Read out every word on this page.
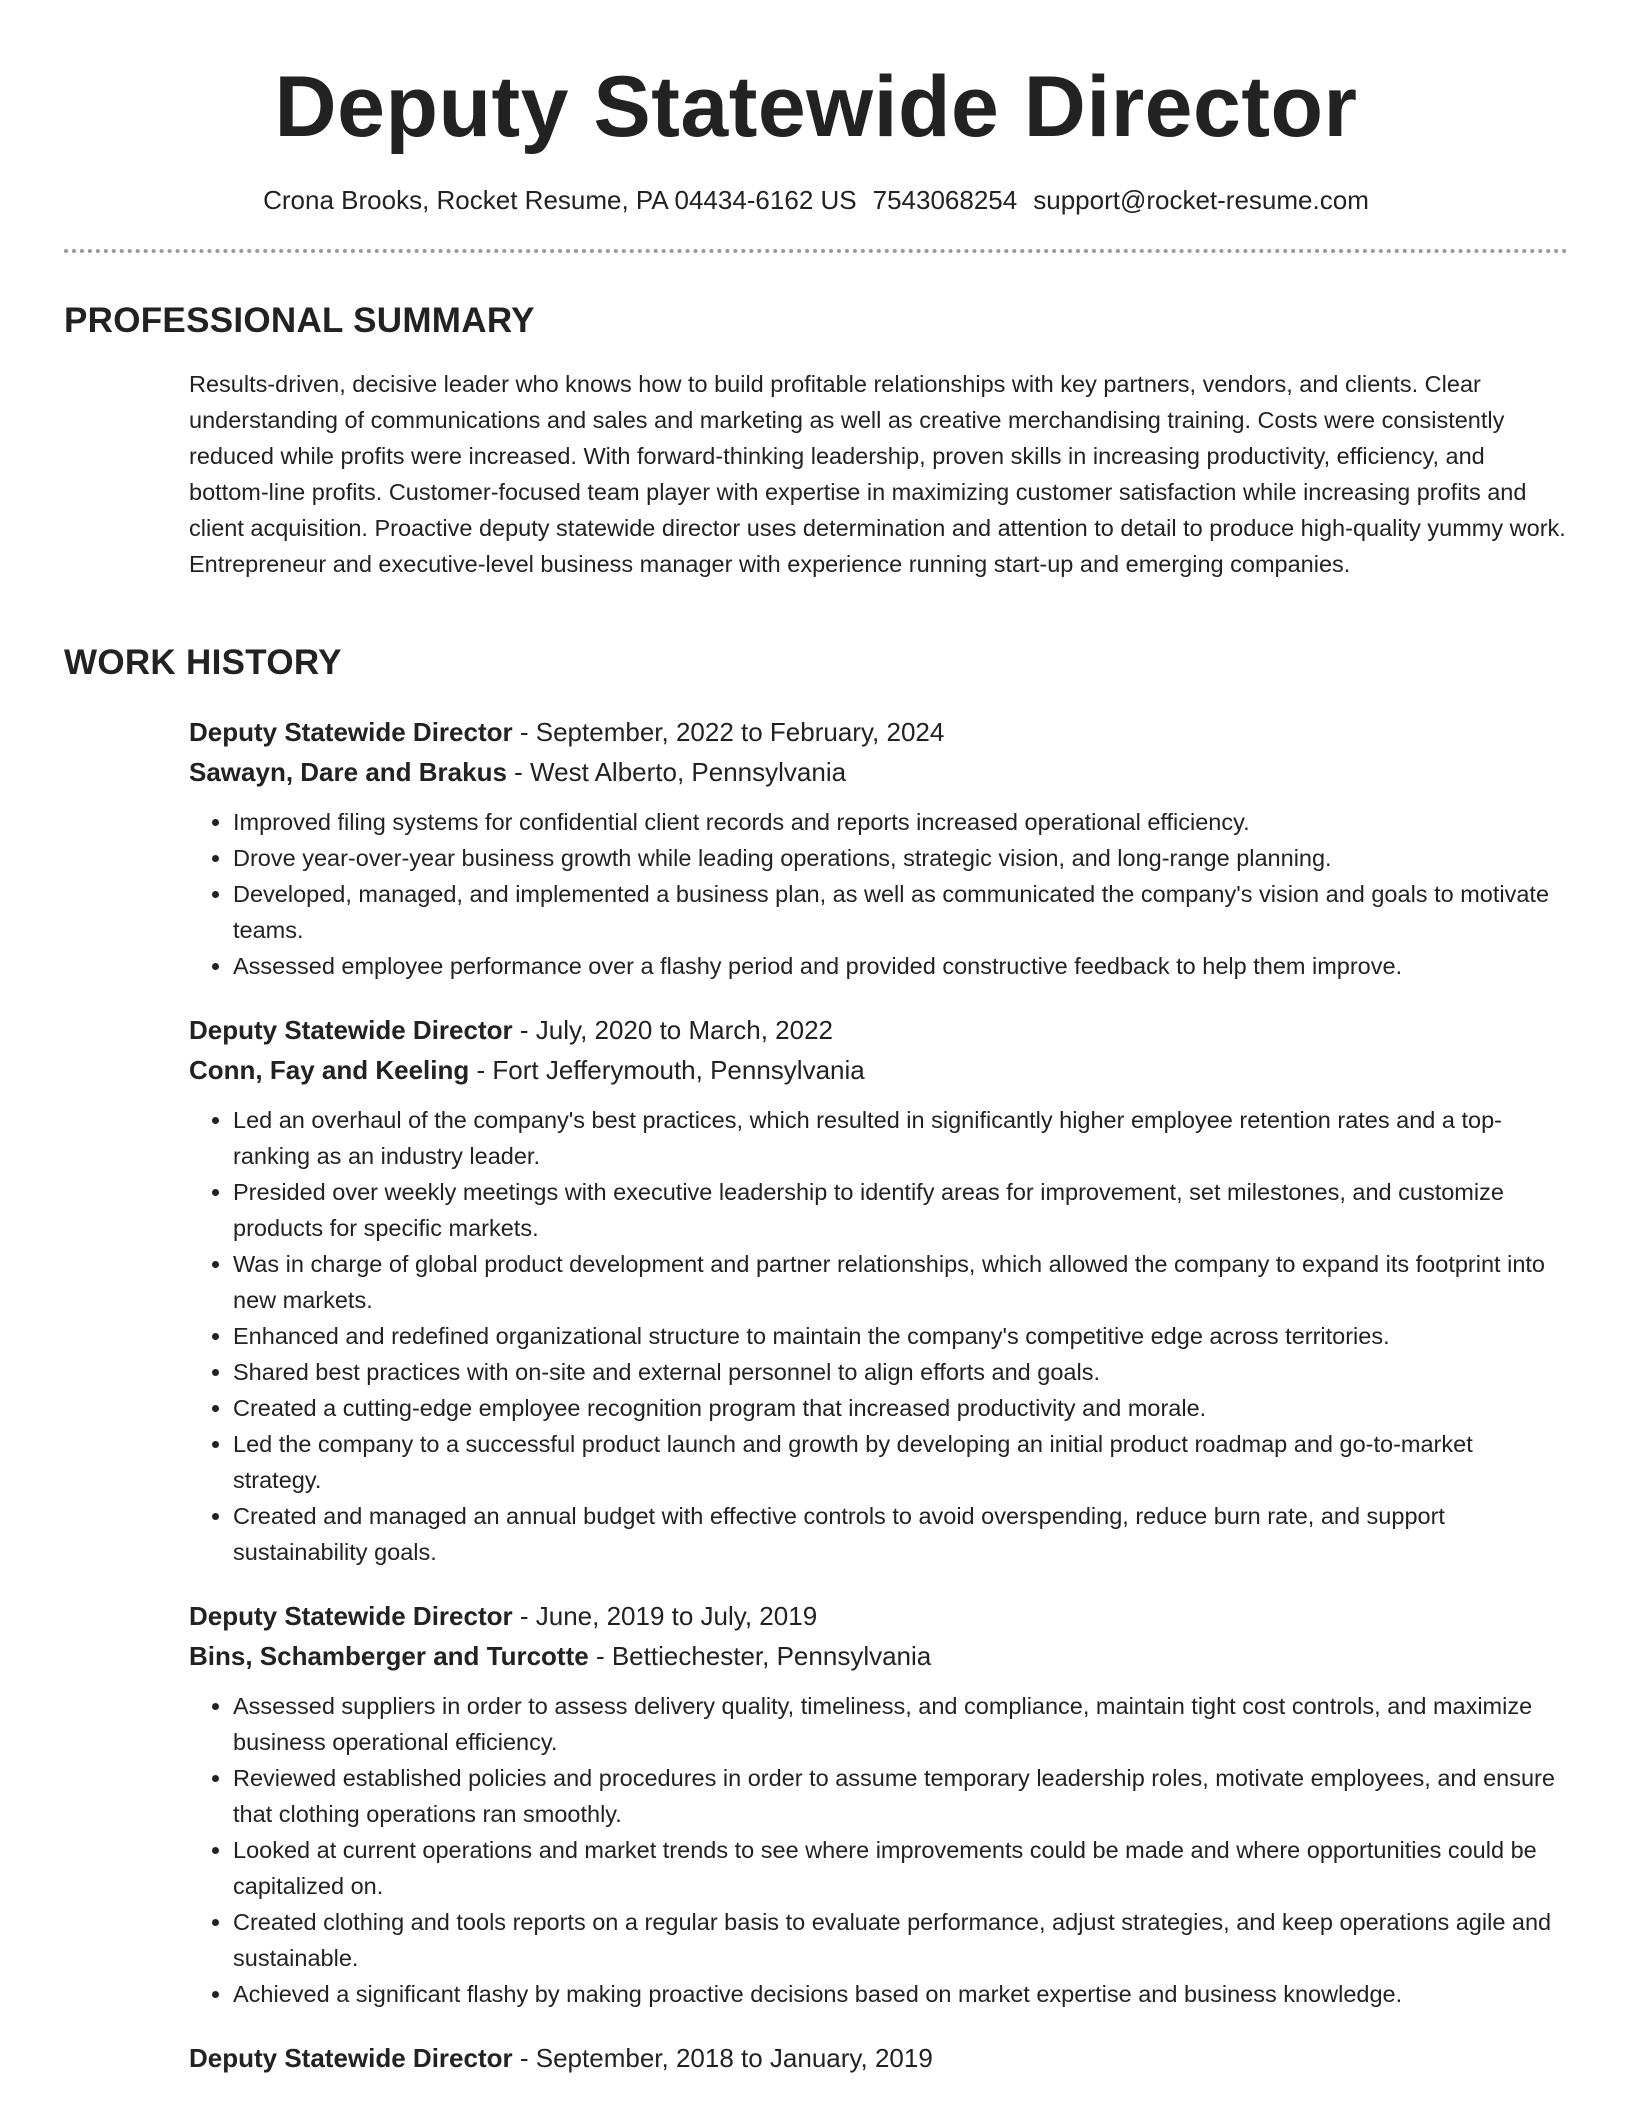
Deputy Statewide Director
Crona Brooks, Rocket Resume, PA 04434-6162 US 7543068254 support@rocket-resume.com
PROFESSIONAL SUMMARY

Results-driven, decisive leader who knows how to build profitable relationships with key partners, vendors, and clients. Clear understanding of communications and sales and marketing as well as creative merchandising training. Costs were consistently reduced while profits were increased. With forward-thinking leadership, proven skills in increasing productivity, efficiency, and bottom-line profits. Customer-focused team player with expertise in maximizing customer satisfaction while increasing profits and client acquisition. Proactive deputy statewide director uses determination and attention to detail to produce high-quality yummy work. Entrepreneur and executive-level business manager with experience running start-up and emerging companies.

WORK HISTORY
Deputy Statewide Director - September, 2022 to February, 2024
Sawayn, Dare and Brakus - West Alberto, Pennsylvania
• Improved filing systems for confidential client records and reports increased operational efficiency.
• Drove year-over-year business growth while leading operations, strategic vision, and long-range planning.
• Developed, managed, and implemented a business plan, as well as communicated the company's vision and goals to motivate teams.
• Assessed employee performance over a flashy period and provided constructive feedback to help them improve.
Deputy Statewide Director - July, 2020 to March, 2022
Conn, Fay and Keeling - Fort Jefferymouth, Pennsylvania
• Led an overhaul of the company's best practices, which resulted in significantly higher employee retention rates and a top-ranking as an industry leader.
• Presided over weekly meetings with executive leadership to identify areas for improvement, set milestones, and customize products for specific markets.
• Was in charge of global product development and partner relationships, which allowed the company to expand its footprint into new markets.
• Enhanced and redefined organizational structure to maintain the company's competitive edge across territories.
• Shared best practices with on-site and external personnel to align efforts and goals.
• Created a cutting-edge employee recognition program that increased productivity and morale.
• Led the company to a successful product launch and growth by developing an initial product roadmap and go-to-market strategy.
• Created and managed an annual budget with effective controls to avoid overspending, reduce burn rate, and support sustainability goals.
Deputy Statewide Director - June, 2019 to July, 2019
Bins, Schamberger and Turcotte - Bettiechester, Pennsylvania
• Assessed suppliers in order to assess delivery quality, timeliness, and compliance, maintain tight cost controls, and maximize business operational efficiency.
• Reviewed established policies and procedures in order to assume temporary leadership roles, motivate employees, and ensure that clothing operations ran smoothly.
• Looked at current operations and market trends to see where improvements could be made and where opportunities could be capitalized on.
• Created clothing and tools reports on a regular basis to evaluate performance, adjust strategies, and keep operations agile and sustainable.
• Achieved a significant flashy by making proactive decisions based on market expertise and business knowledge.
Deputy Statewide Director - September, 2018 to January, 2019
